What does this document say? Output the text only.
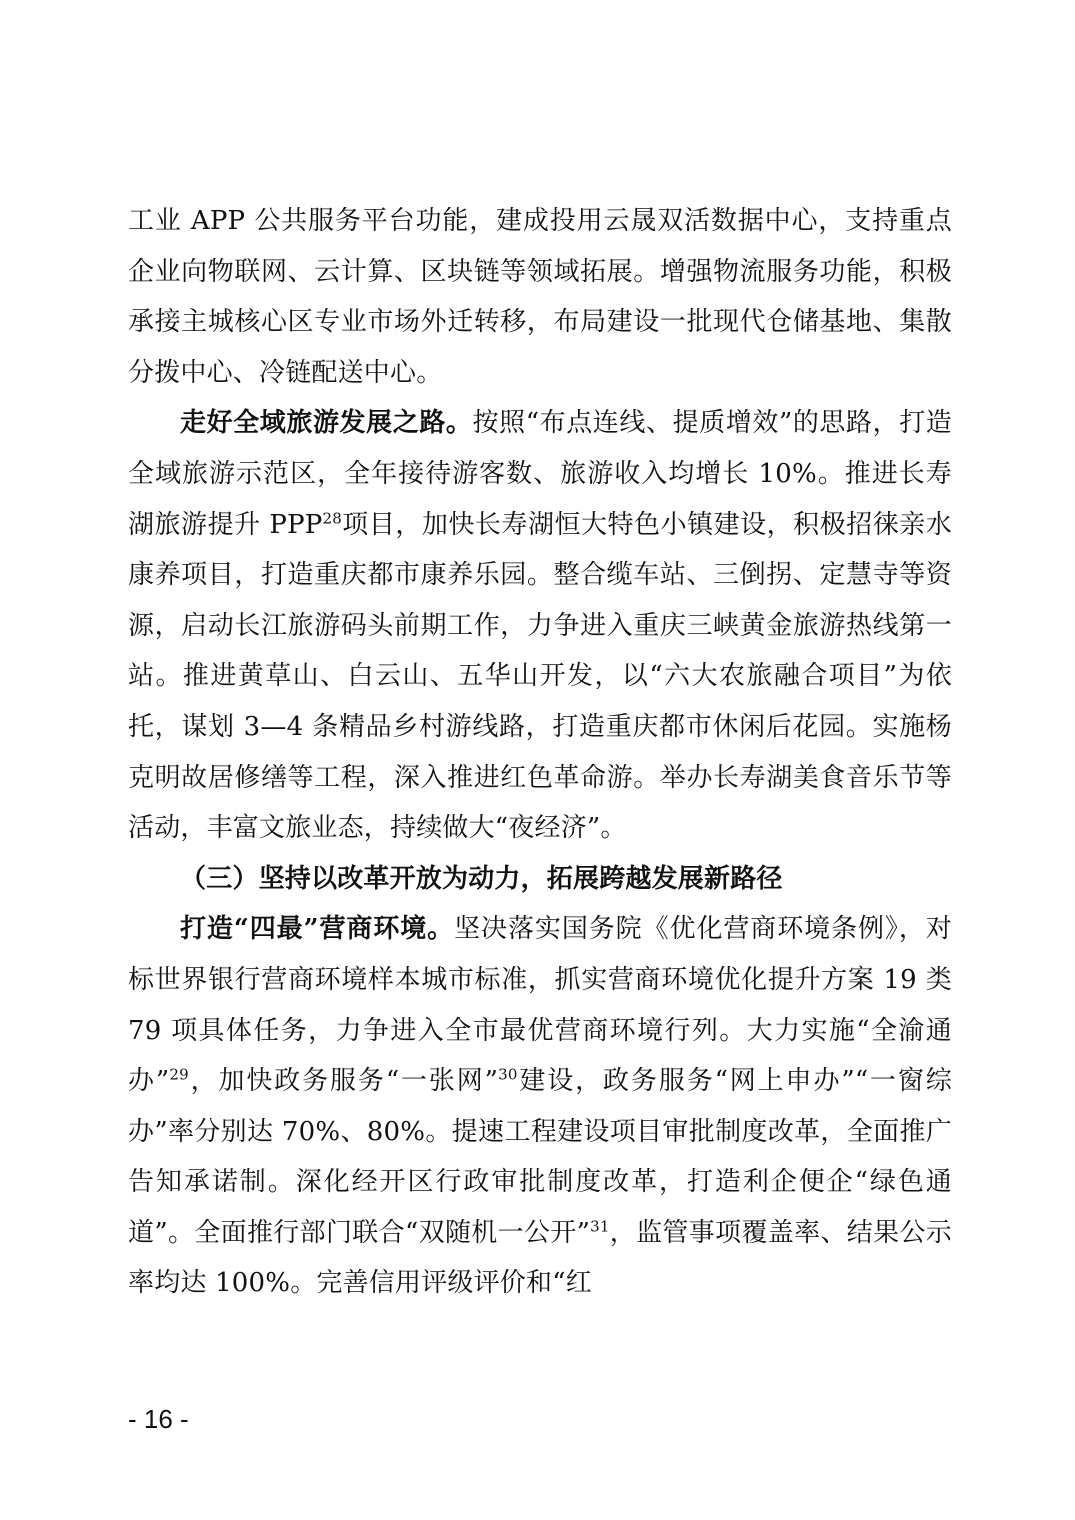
工业 APP 公共服务平台功能，建成投用云晟双活数据中心，支持重点企业向物联网、云计算、区块链等领域拓展。增强物流服务功能，积极承接主城核心区专业市场外迁转移，布局建设一批现代仓储基地、集散分拨中心、冷链配送中心。

走好全域旅游发展之路。按照“布点连线、提质增效”的思路，打造全域旅游示范区，全年接待游客数、旅游收入均增长 10%。推进长寿湖旅游提升 PPP$^{28}$项目，加快长寿湖恒大特色小镇建设，积极招徕亲水康养项目，打造重庆都市康养乐园。整合缆车站、三倒拐、定慧寺等资源，启动长江旅游码头前期工作，力争进入重庆三峡黄金旅游热线第一站。推进黄草山、白云山、五华山开发，以“六大农旅融合项目”为依托，谋划 3—4 条精品乡村游线路，打造重庆都市休闲后花园。实施杨克明故居修缮等工程，深入推进红色革命游。举办长寿湖美食音乐节等活动，丰富文旅业态，持续做大“夜经济”。

（三）坚持以改革开放为动力，拓展跨越发展新路径

打造“四最”营商环境。坚决落实国务院《优化营商环境条例》，对标世界银行营商环境样本城市标准，抓实营商环境优化提升方案 19 类 79 项具体任务，力争进入全市最优营商环境行列。大力实施“全渝通办”$^{29}$，加快政务服务“一张网”$^{30}$建设，政务服务“网上申办”“一窗综办”率分别达 70%、80%。提速工程建设项目审批制度改革，全面推广告知承诺制。深化经开区行政审批制度改革，打造利企便企“绿色通道”。全面推行部门联合“双随机一公开”$^{31}$，监管事项覆盖率、结果公示率均达 100%。完善信用评级评价和“红

- 16 -
